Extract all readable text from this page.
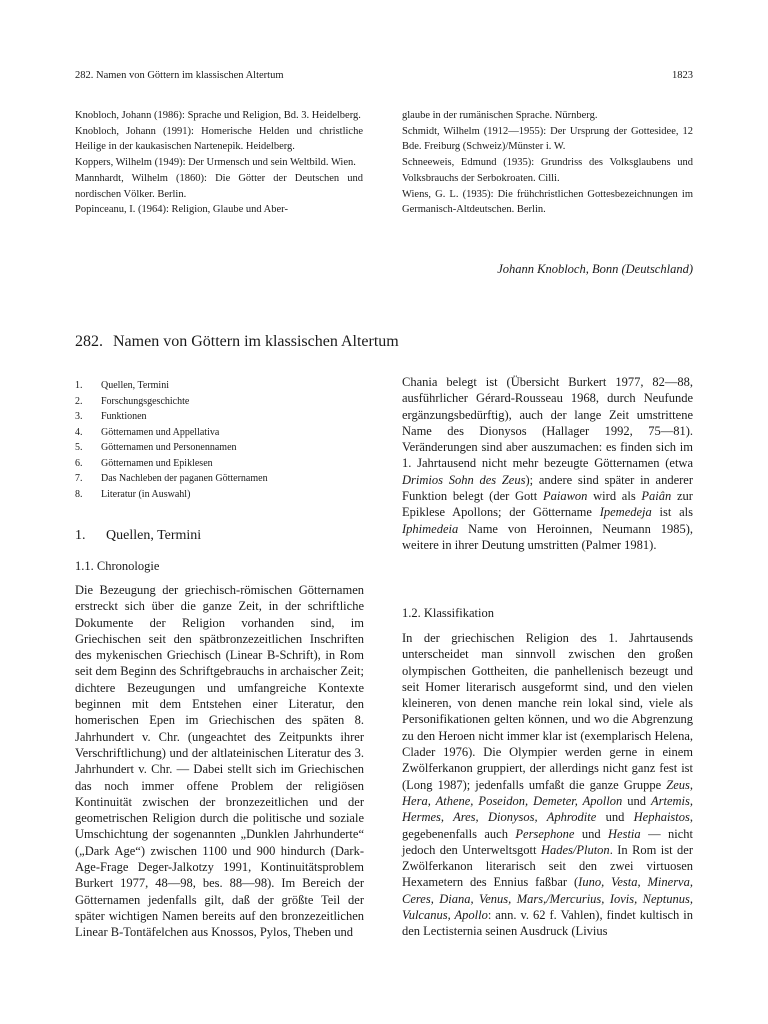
282. Namen von Göttern im klassischen Altertum	1823

Knobloch, Johann (1986): Sprache und Religion, Bd. 3. Heidelberg.

Knobloch, Johann (1991): Homerische Helden und christliche Heilige in der kaukasischen Nartenepik. Heidelberg.

Koppers, Wilhelm (1949): Der Urmensch und sein Weltbild. Wien.

Mannhardt, Wilhelm (1860): Die Götter der Deutschen und nordischen Völker. Berlin.

Popinceanu, I. (1964): Religion, Glaube und Aber-

glaube in der rumänischen Sprache. Nürnberg.

Schmidt, Wilhelm (1912—1955): Der Ursprung der Gottesidee, 12 Bde. Freiburg (Schweiz)/Münster i. W.

Schneeweis, Edmund (1935): Grundriss des Volksglaubens und Volksbrauchs der Serbokroaten. Cilli.

Wiens, G. L. (1935): Die frühchristlichen Gottesbezeichnungen im Germanisch-Altdeutschen. Berlin.

Johann Knobloch, Bonn (Deutschland)
282. Namen von Göttern im klassischen Altertum
1.	Quellen, Termini
2.	Forschungsgeschichte
3.	Funktionen
4.	Götternamen und Appellativa
5.	Götternamen und Personennamen
6.	Götternamen und Epiklesen
7.	Das Nachleben der paganen Götternamen
8.	Literatur (in Auswahl)
1. Quellen, Termini
1.1. Chronologie

Die Bezeugung der griechisch-römischen Götternamen erstreckt sich über die ganze Zeit, in der schriftliche Dokumente der Religion vorhanden sind, im Griechischen seit den spätbronzezeitlichen Inschriften des mykenischen Griechisch (Linear B-Schrift), in Rom seit dem Beginn des Schriftgebrauchs in archaischer Zeit; dichtere Bezeugungen und umfangreiche Kontexte beginnen mit dem Entstehen einer Literatur, den homerischen Epen im Griechischen des späten 8. Jahrhundert v. Chr. (ungeachtet des Zeitpunkts ihrer Verschriftlichung) und der altlateinischen Literatur des 3. Jahrhundert v. Chr. — Dabei stellt sich im Griechischen das noch immer offene Problem der religiösen Kontinuität zwischen der bronzezeitlichen und der geometrischen Religion durch die politische und soziale Umschichtung der sogenannten „Dunklen Jahrhunderte“ („Dark Age“) zwischen 1100 und 900 hindurch (Dark-Age-Frage Deger-Jalkotzy 1991, Kontinuitätsproblem Burkert 1977, 48—98, bes. 88—98). Im Bereich der Götternamen jedenfalls gilt, daß der größte Teil der später wichtigen Namen bereits auf den bronzezeitlichen Linear B-Tontäfelchen aus Knossos, Pylos, Theben und

Chania belegt ist (Übersicht Burkert 1977, 82—88, ausführlicher Gérard-Rousseau 1968, durch Neufunde ergänzungsbedürftig), auch der lange Zeit umstrittene Name des Dionysos (Hallager 1992, 75—81). Veränderungen sind aber auszumachen: es finden sich im 1. Jahrtausend nicht mehr bezeugte Götternamen (etwa Drimios Sohn des Zeus); andere sind später in anderer Funktion belegt (der Gott Paiawon wird als Paiân zur Epiklese Apollons; der Göttername Ipemedeja ist als Iphimedeia Name von Heroinnen, Neumann 1985), weitere in ihrer Deutung umstritten (Palmer 1981).

1.2. Klassifikation

In der griechischen Religion des 1. Jahrtausends unterscheidet man sinnvoll zwischen den großen olympischen Gottheiten, die panhellenisch bezeugt und seit Homer literarisch ausgeformt sind, und den vielen kleineren, von denen manche rein lokal sind, viele als Personifikationen gelten können, und wo die Abgrenzung zu den Heroen nicht immer klar ist (exemplarisch Helena, Clader 1976). Die Olympier werden gerne in einem Zwölferkanon gruppiert, der allerdings nicht ganz fest ist (Long 1987); jedenfalls umfaßt die ganze Gruppe Zeus, Hera, Athene, Poseidon, Demeter, Apollon und Artemis, Hermes, Ares, Dionysos, Aphrodite und Hephaistos, gegebenenfalls auch Persephone und Hestia — nicht jedoch den Unterweltsgott Hades/Pluton. In Rom ist der Zwölferkanon literarisch seit den zwei virtuosen Hexametern des Ennius faßbar (Iuno, Vesta, Minerva, Ceres, Diana, Venus, Mars,/Mercurius, Iovis, Neptunus, Vulcanus, Apollo: ann. v. 62 f. Vahlen), findet kultisch in den Lectisternia seinen Ausdruck (Livius
